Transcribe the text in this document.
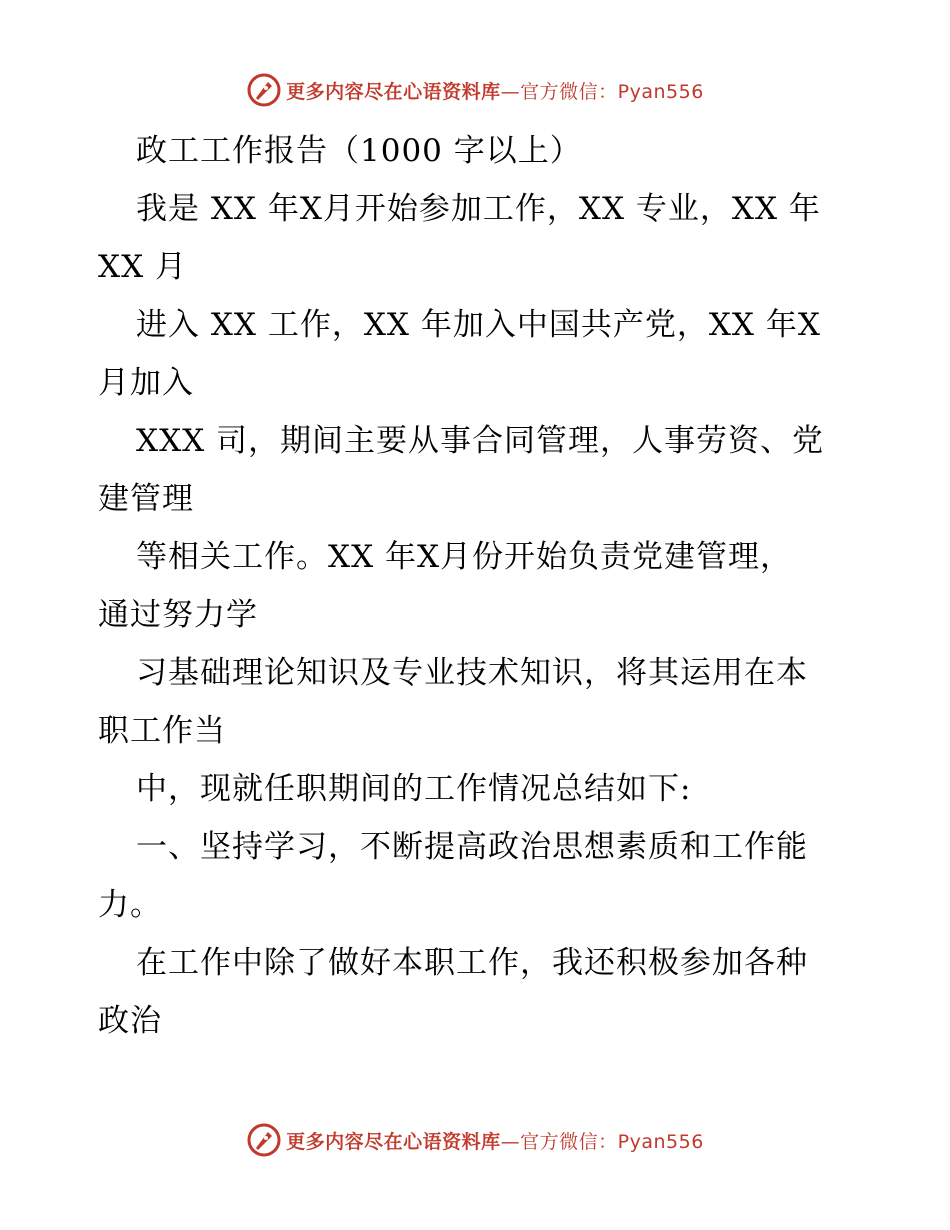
更多内容尽在心语资料库—官方微信：Pyan556
政工工作报告（1000 字以上）
我是 XX 年X月开始参加工作，XX 专业，XX 年
XX 月
进入 XX 工作，XX 年加入中国共产党，XX 年X
月加入
XXX 司，期间主要从事合同管理，人事劳资、党
建管理
等相关工作。XX 年X月份开始负责党建管理，
通过努力学
习基础理论知识及专业技术知识，将其运用在本
职工作当
中，现就任职期间的工作情况总结如下:
一、坚持学习，不断提高政治思想素质和工作能
力。
在工作中除了做好本职工作，我还积极参加各种
政治
更多内容尽在心语资料库—官方微信：Pyan556
